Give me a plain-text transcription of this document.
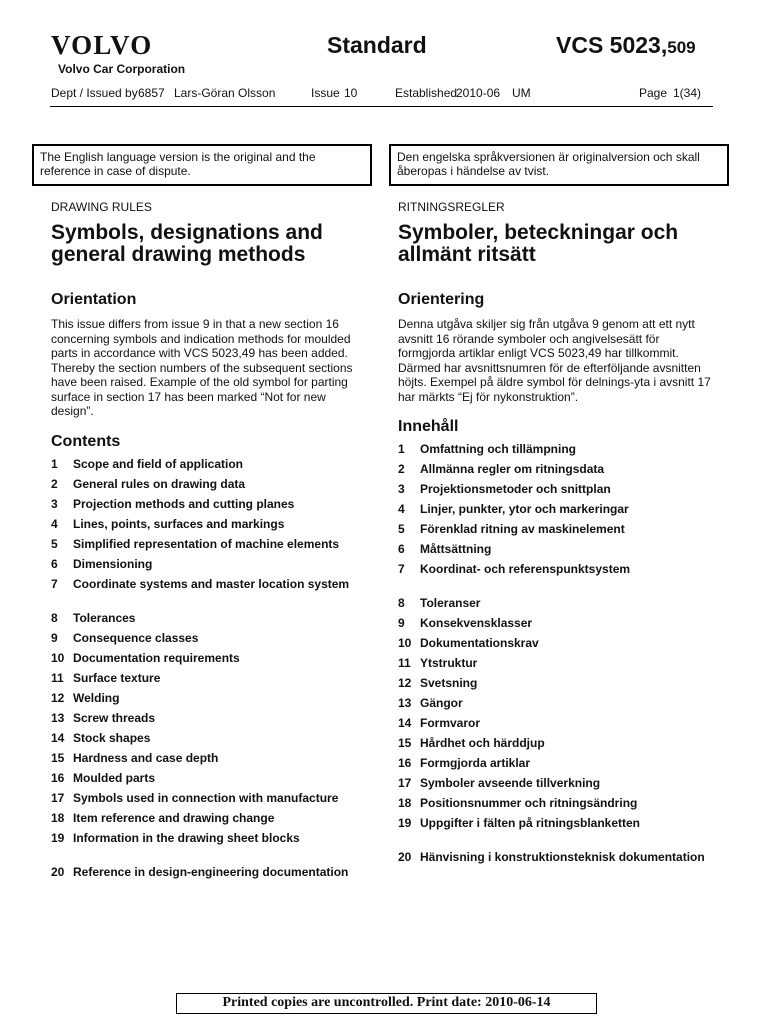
VOLVO	Standard	VCS 5023,509
Volvo Car Corporation
Dept / Issued by 6857 Lars-Göran Olsson	Issue 10	Established
2010-06 UM	Page 1(34)
The English language version is the original and the reference in case of dispute.
Den engelska språkversionen är originalversion och skall åberopas i händelse av tvist.
DRAWING RULES
Symbols, designations and general drawing methods
Orientation
This issue differs from issue 9 in that a new section 16 concerning symbols and indication methods for moulded parts in accordance with VCS 5023,49 has been added. Thereby the section numbers of the subsequent sections have been raised. Example of the old symbol for parting surface in section 17 has been marked “Not for new design”.
Contents
1	Scope and field of application
2	General rules on drawing data
3	Projection methods and cutting planes
4	Lines, points, surfaces and markings
5	Simplified representation of machine elements
6	Dimensioning
7	Coordinate systems and master location system
8	Tolerances
9	Consequence classes
10 Documentation requirements
11 Surface texture
12 Welding
13 Screw threads
14 Stock shapes
15 Hardness and case depth
16 Moulded parts
17 Symbols used in connection with manufacture
18 Item reference and drawing change
19 Information in the drawing sheet blocks
20 Reference in design-engineering documentation
RITNINGSREGLER
Symboler, beteckningar och allmänt ritsätt
Orientering
Denna utgåva skiljer sig från utgåva 9 genom att ett nytt avsnitt 16 rörande symboler och angivelsesätt för formgjorda artiklar enligt VCS 5023,49 har tillkommit. Därmed har avsnittsnumren för de efterföljande avsnitten höjts. Exempel på äldre symbol för delnings-yta i avsnitt 17 har märkts “Ej för nykonstruktion”.
Innehåll
1	Omfattning och tillämpning
2	Allmänna regler om ritningsdata
3	Projektionsmetoder och snittplan
4	Linjer, punkter, ytor och markeringar
5	Förenklad ritning av maskinelement
6	Måttsättning
7	Koordinat- och referenspunktsystem
8	Toleranser
9	Konsekvensklasser
10 Dokumentationskrav
11 Ytstruktur
12 Svetsning
13 Gängor
14 Formvaror
15 Hårdhet och härddjup
16 Formgjorda artiklar
17 Symboler avseende tillverkning
18 Positionsnummer och ritningsändring
19 Uppgifter i fälten på ritningsblanketten
20 Hänvisning i konstruktionsteknisk dokumentation
Printed copies are uncontrolled. Print date: 2010-06-14
